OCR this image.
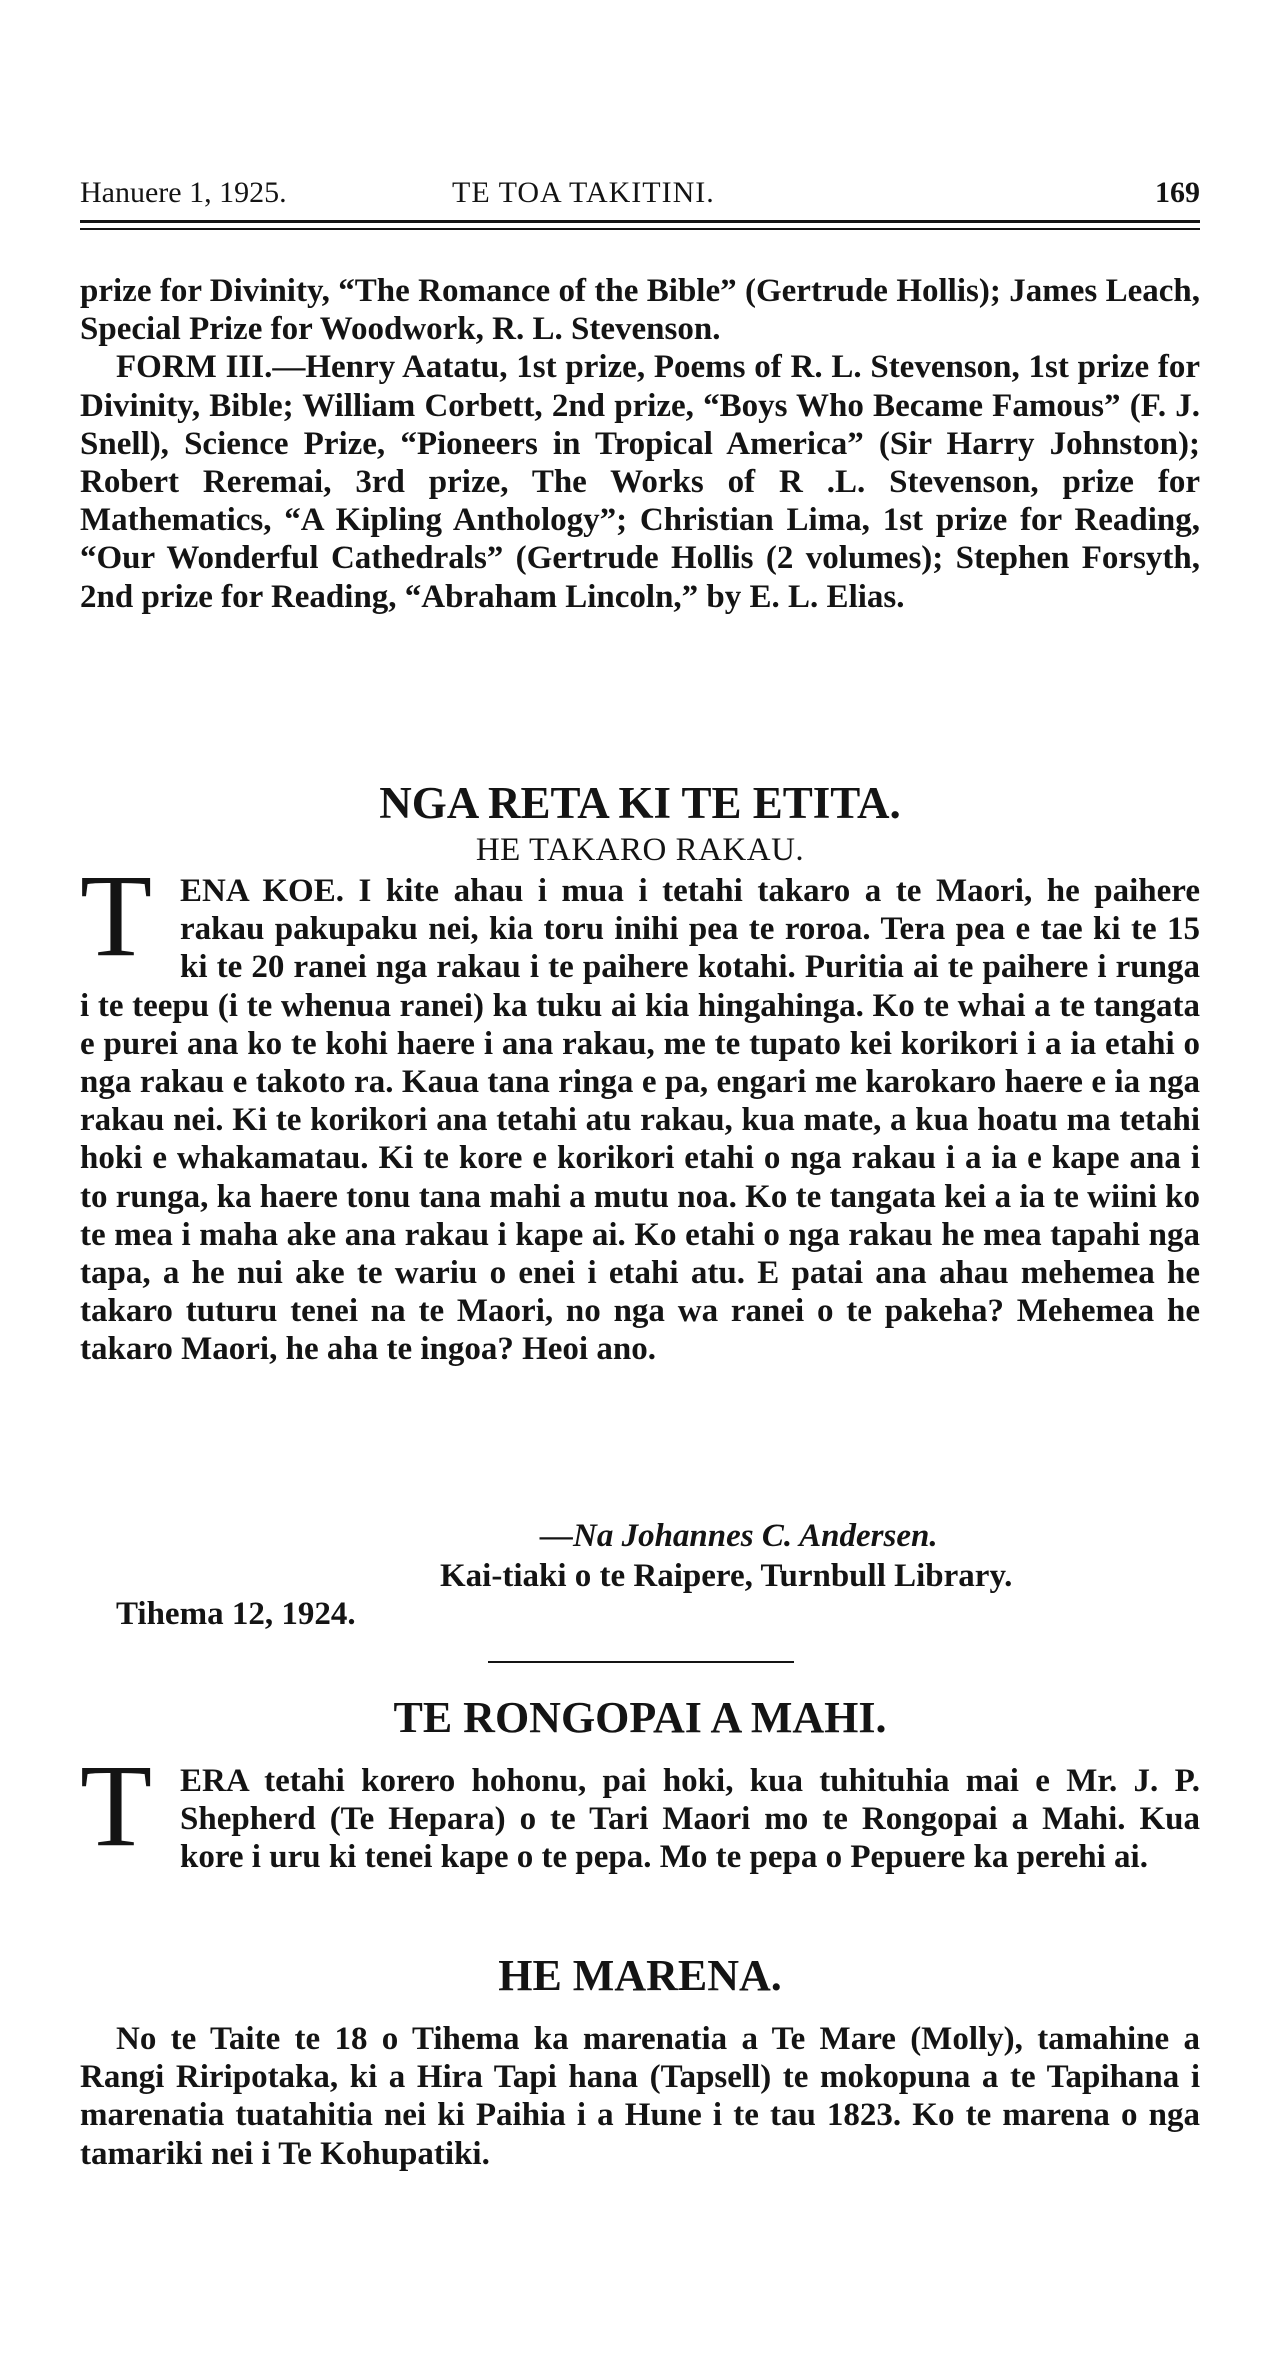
Hanuere 1, 1925.	TE TOA TAKITINI.	169

prize for Divinity, “The Romance of the Bible” (Gertrude Hollis); James Leach, Special Prize for Woodwork, R. L. Stevenson.

FORM III.—Henry Aatatu, 1st prize, Poems of R. L. Stevenson, 1st prize for Divinity, Bible; William Corbett, 2nd prize, “Boys Who Became Famous” (F. J. Snell), Science Prize, “Pioneers in Tropical America” (Sir Harry Johnston); Robert Reremai, 3rd prize, The Works of R .L. Stevenson, prize for Mathematics, “A Kipling Anthology”; Christian Lima, 1st prize for Reading, “Our Wonderful Cathedrals” (Gertrude Hollis (2 volumes); Stephen Forsyth, 2nd prize for Reading, “Abraham Lincoln,” by E. L. Elias.

NGA RETA KI TE ETITA.
HE TAKARO RAKAU.
T ENA KOE. I kite ahau i mua i tetahi takaro a te Maori, he paihere rakau pakupaku nei, kia toru inihi pea te roroa. Tera pea e tae ki te 15 ki te 20 ranei nga rakau i te paihere kotahi. Puritia ai te paihere i runga i te teepu (i te whenua ranei) ka tuku ai kia hingahinga. Ko te whai a te tangata e purei ana ko te kohi haere i ana rakau, me te tupato kei korikori i a ia etahi o nga rakau e takoto ra. Kaua tana ringa e pa, engari me karokaro haere e ia nga rakau nei. Ki te korikori ana tetahi atu rakau, kua mate, a kua hoatu ma tetahi hoki e whakamatau. Ki te kore e korikori etahi o nga rakau i a ia e kape ana i to runga, ka haere tonu tana mahi a mutu noa. Ko te tangata kei a ia te wiini ko te mea i maha ake ana rakau i kape ai. Ko etahi o nga rakau he mea tapahi nga tapa, a he nui ake te wariu o enei i etahi atu. E patai ana ahau mehemea he takaro tuturu tenei na te Maori, no nga wa ranei o te pakeha? Mehemea he takaro Maori, he aha te ingoa? Heoi ano.
—Na Johannes C. Andersen.
Kai-tiaki o te Raipere, Turnbull Library.
Tihema 12, 1924.
TE RONGOPAI A MAHI.
T ERA tetahi korero hohonu, pai hoki, kua tuhituhia mai e Mr. J. P. Shepherd (Te Hepara) o te Tari Maori mo te Rongopai a Mahi. Kua kore i uru ki tenei kape o te pepa. Mo te pepa o Pepuere ka perehi ai.
HE MARENA.

No te Taite te 18 o Tihema ka marenatia a Te Mare (Molly), tamahine a Rangi Riripotaka, ki a Hira Tapi hana (Tapsell) te mokopuna a te Tapihana i marenatia tuatahitia nei ki Paihia i a Hune i te tau 1823. Ko te marena o nga tamariki nei i Te Kohupatiki.
